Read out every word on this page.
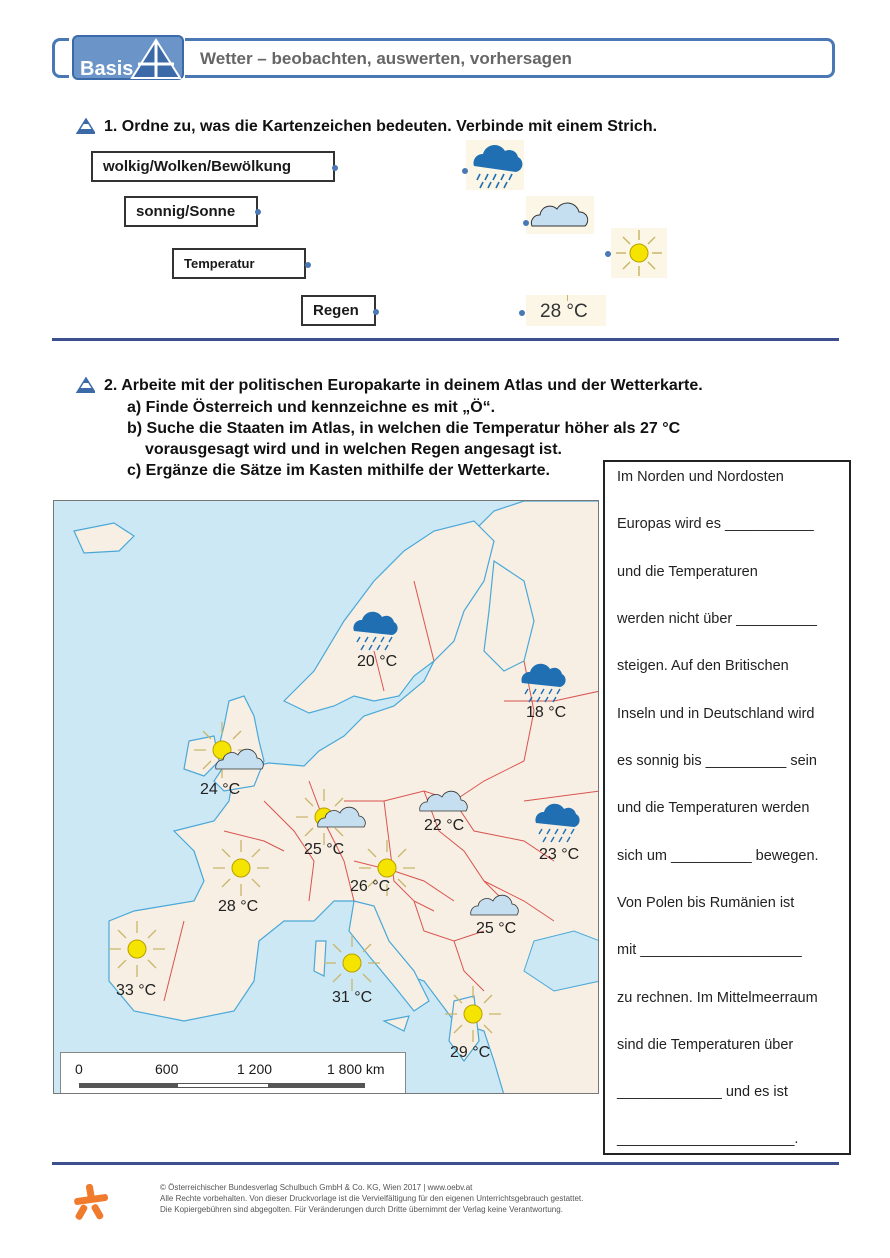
Basis	Wetter – beobachten, auswerten, vorhersagen
1. Ordne zu, was die Kartenzeichen bedeuten. Verbinde mit einem Strich.
wolkig/Wolken/Bewölkung
sonnig/Sonne
Temperatur
Regen	28 °C
2. Arbeite mit der politischen Europakarte in deinem Atlas und der Wetterkarte.
a) Finde Österreich und kennzeichne es mit „Ö“.
b) Suche die Staaten im Atlas, in welchen die Temperatur höher als 27 °C
vorausgesagt wird und in welchen Regen angesagt ist.
c) Ergänze die Sätze im Kasten mithilfe der Wetterkarte.
20 °C
18 °C
24 °C
22 °C
25 °C	23 °C
28 °C
26 °C
25 °C
33 °C	31 °C
29 °C
0	600	1 200	1 800 km
Im Norden und Nordosten
Europas wird es ___________
und die Temperaturen
werden nicht über __________
steigen. Auf den Britischen
Inseln und in Deutschland wird
es sonnig bis __________ sein
und die Temperaturen werden
sich um __________ bewegen.
Von Polen bis Rumänien ist
mit ____________________
zu rechnen. Im Mittelmeerraum
sind die Temperaturen über
_____________ und es ist
______________________.
© Österreichischer Bundesverlag Schulbuch GmbH & Co. KG, Wien 2017 | www.oebv.at
Alle Rechte vorbehalten. Von dieser Druckvorlage ist die Vervielfältigung für den eigenen Unterrichtsgebrauch gestattet.
Die Kopiergebühren sind abgegolten. Für Veränderungen durch Dritte übernimmt der Verlag keine Verantwortung.
